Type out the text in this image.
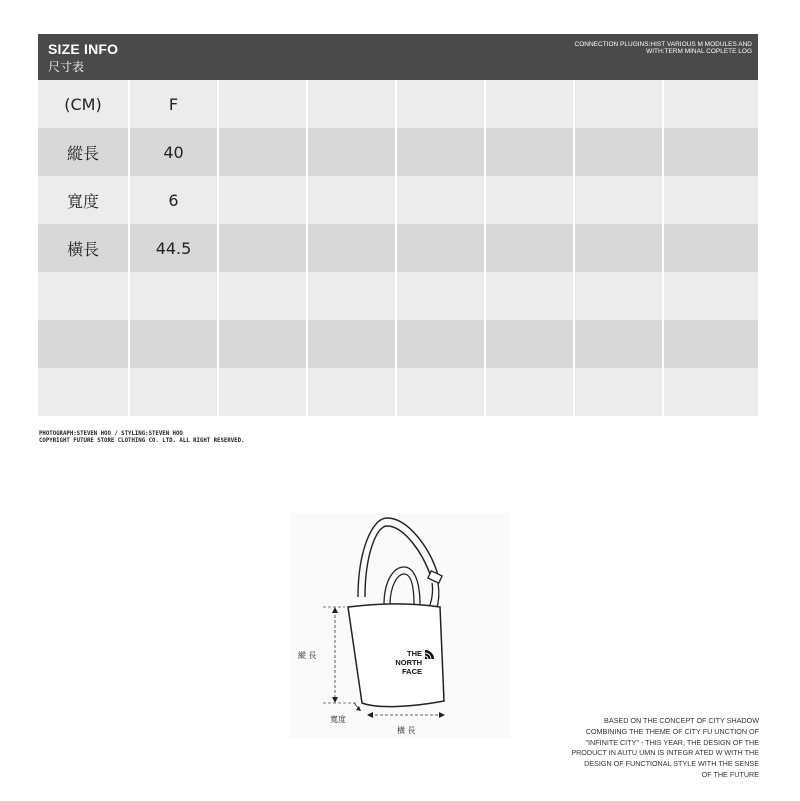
SIZE INFO
尺寸表
CONNECTION PLUGINS:HIST VARIOUS M MODULES AND
WITH:TERM MINAL COPLETE LOG
(CM)	F
縱長	40
寬度	6
橫長	44.5
PHOTOGRAPH:STEVEN HOO / STYLING:STEVEN HOO
COPYRIGHT FUTURE STORE CLOTHING CO. LTD. ALL RIGHT RESERVED.
THE
NORTH
FACE
縱 長
寬度
橫 長
BASED ON THE CONCEPT OF CITY SHADOW
COMBINING THE THEME OF CITY FU UNCTION OF
"INFINITE CITY" - THIS YEAR, THE DESIGN OF THE
PRODUCT IN AUTU UMN IS INTEGR ATED W WITH THE
DESIGN OF FUNCTIONAL STYLE WITH THE SENSE
OF THE FUTURE
